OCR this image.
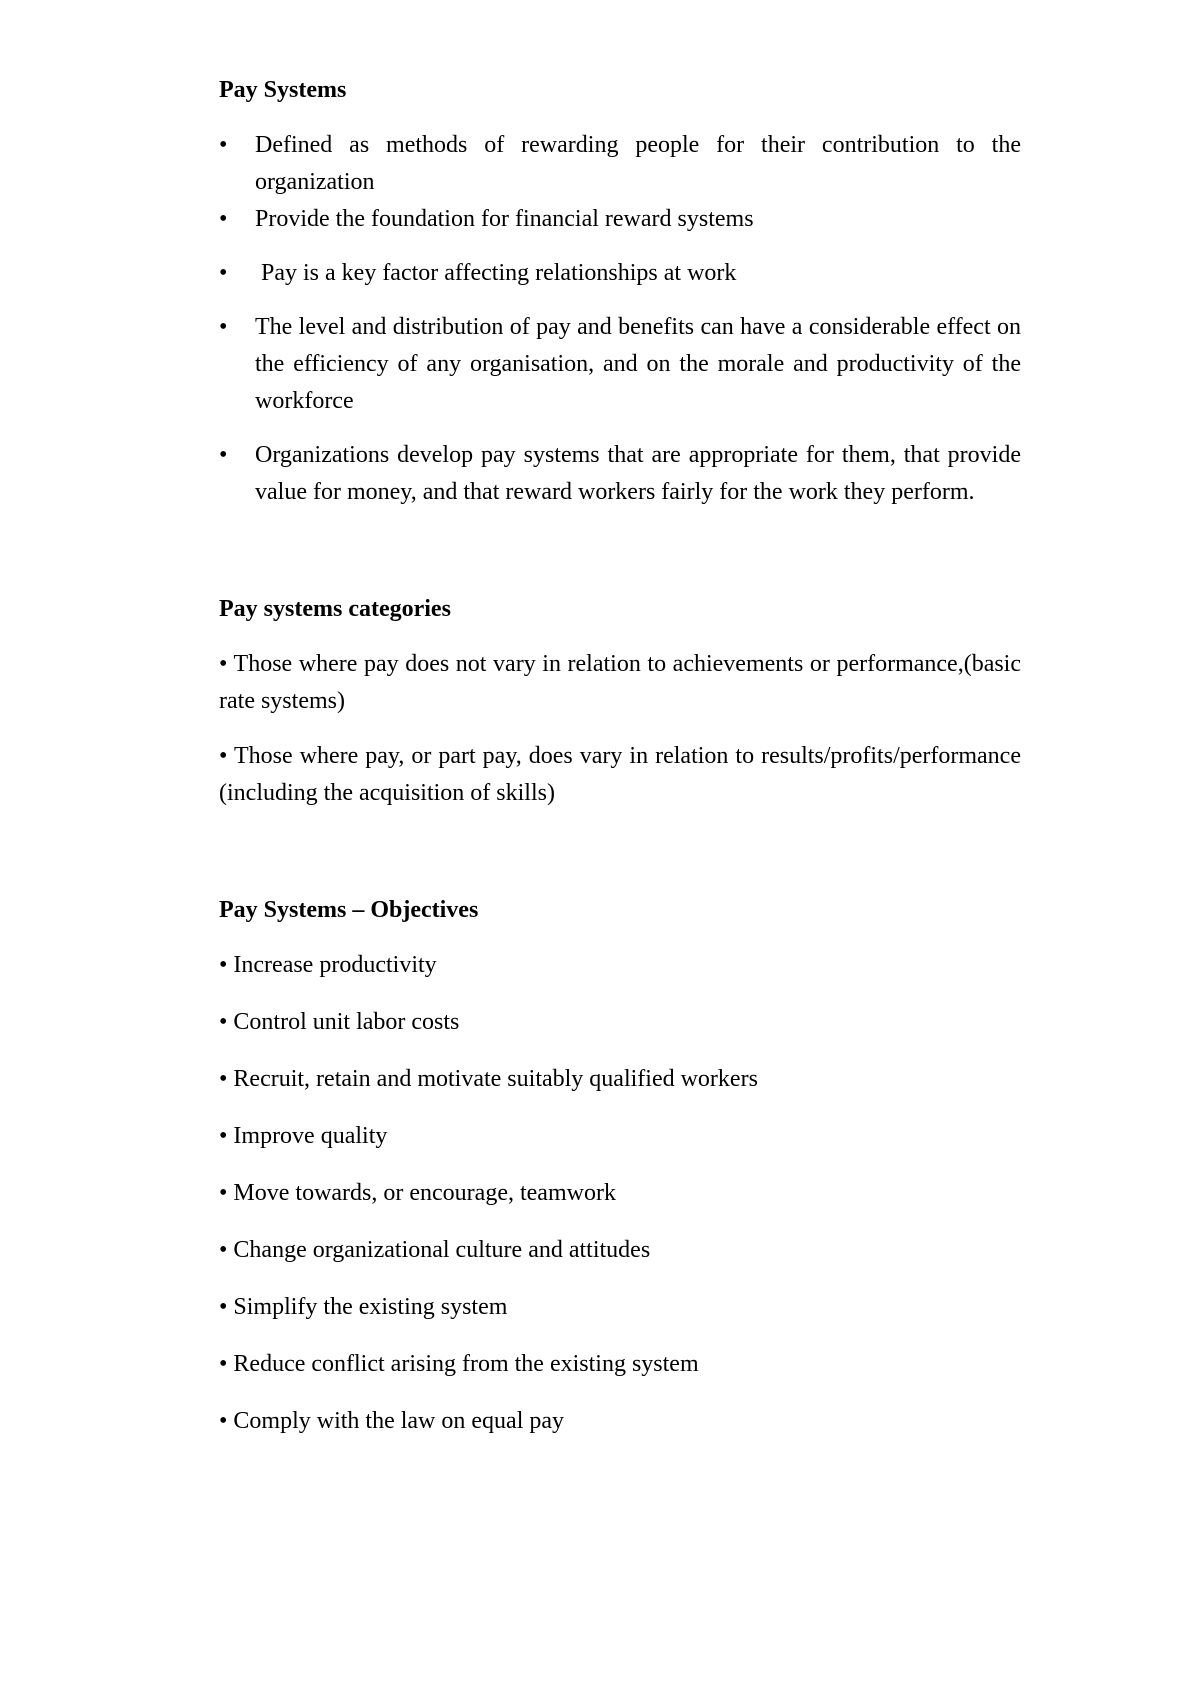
Pay Systems
• Defined as methods of rewarding people for their contribution to the organization
• Provide the foundation for financial reward systems
• Pay is a key factor affecting relationships at work
• The level and distribution of pay and benefits can have a considerable effect on the efficiency of any organisation, and on the morale and productivity of the workforce
• Organizations develop pay systems that are appropriate for them, that provide value for money, and that reward workers fairly for the work they perform.
Pay systems categories

• Those where pay does not vary in relation to achievements or performance,(basic rate systems)

• Those where pay, or part pay, does vary in relation to results/profits/performance (including the acquisition of skills)

Pay Systems – Objectives
• Increase productivity
• Control unit labor costs
• Recruit, retain and motivate suitably qualified workers
• Improve quality
• Move towards, or encourage, teamwork
• Change organizational culture and attitudes
• Simplify the existing system
• Reduce conflict arising from the existing system
• Comply with the law on equal pay
